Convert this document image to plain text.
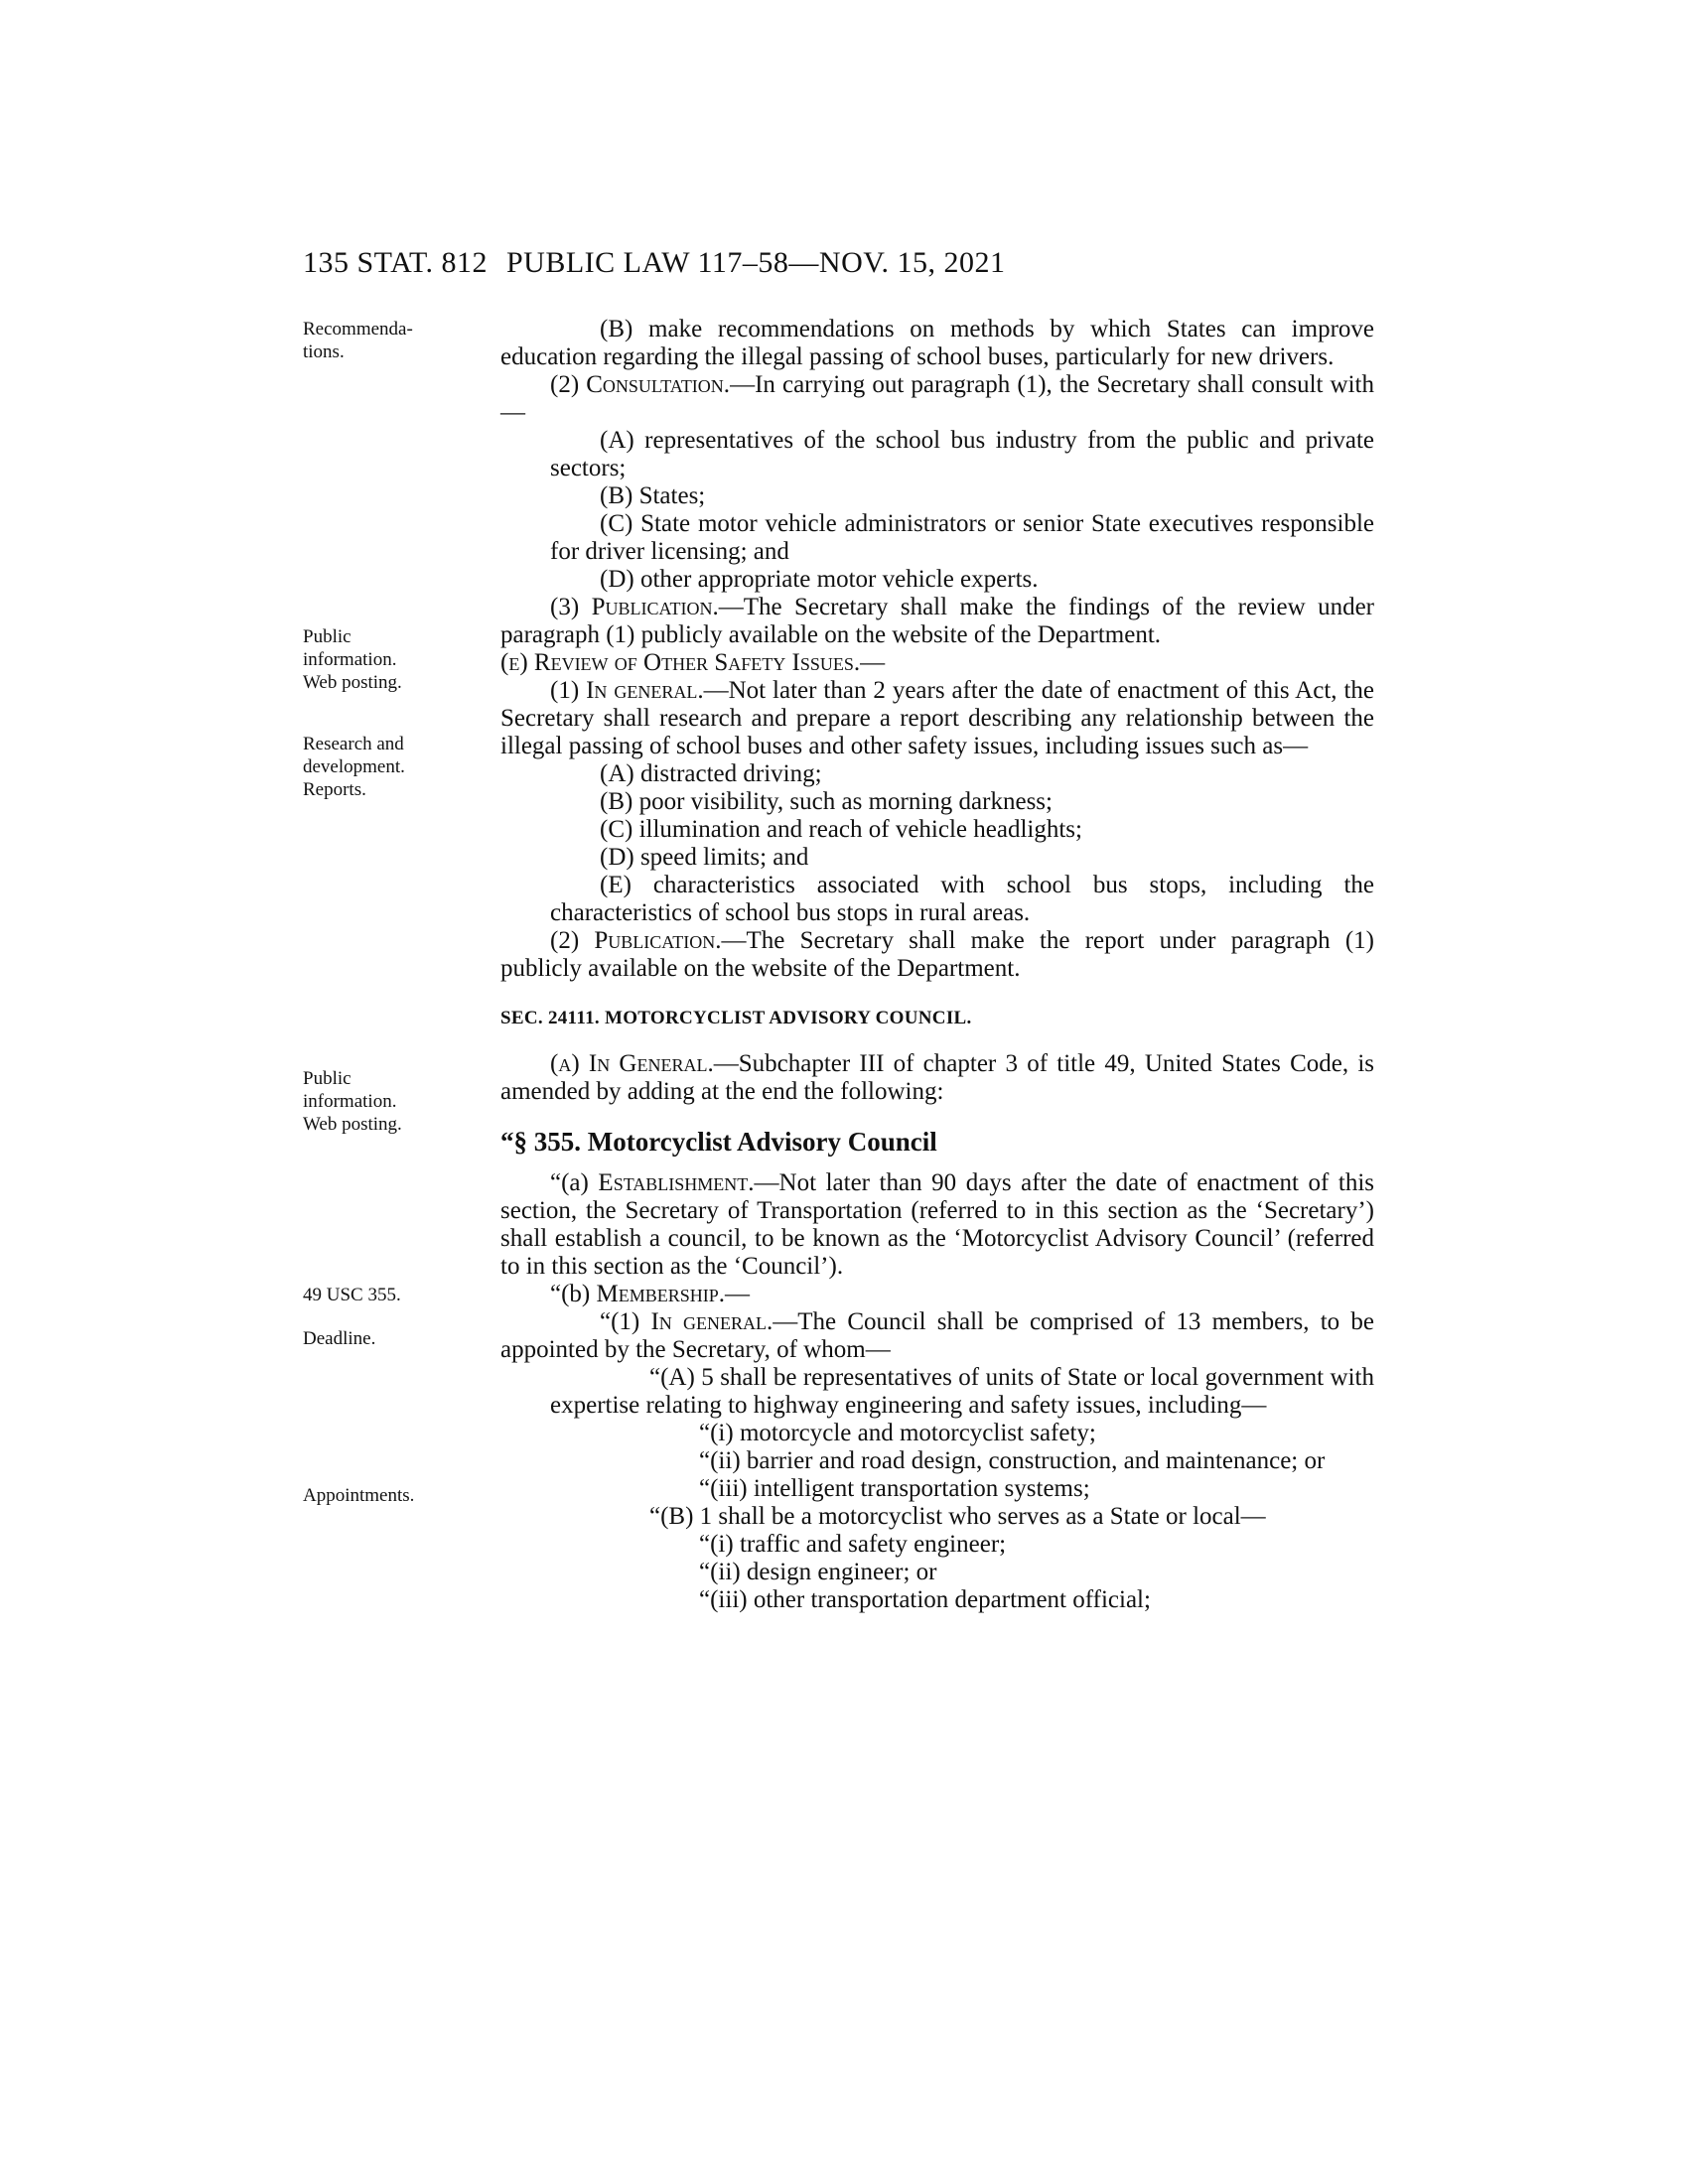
135 STAT. 812 PUBLIC LAW 117–58—NOV. 15, 2021
Recommenda-
tions.
Public
information.
Web posting.
Research and
development.
Reports.
Public
information.
Web posting.
49 USC 355.
Deadline.
Appointments.

(B) make recommendations on methods by which States can improve education regarding the illegal passing of school buses, particularly for new drivers.

(2) Consultation.—In carrying out paragraph (1), the Secretary shall consult with—

(A) representatives of the school bus industry from the public and private sectors;

(B) States;

(C) State motor vehicle administrators or senior State executives responsible for driver licensing; and

(D) other appropriate motor vehicle experts.

(3) Publication.—The Secretary shall make the findings of the review under paragraph (1) publicly available on the website of the Department.

(e) Review of Other Safety Issues.—

(1) In general.—Not later than 2 years after the date of enactment of this Act, the Secretary shall research and prepare a report describing any relationship between the illegal passing of school buses and other safety issues, including issues such as—

(A) distracted driving;

(B) poor visibility, such as morning darkness;

(C) illumination and reach of vehicle headlights;

(D) speed limits; and

(E) characteristics associated with school bus stops, including the characteristics of school bus stops in rural areas.

(2) Publication.—The Secretary shall make the report under paragraph (1) publicly available on the website of the Department.

SEC. 24111. MOTORCYCLIST ADVISORY COUNCIL.

(a) In General.—Subchapter III of chapter 3 of title 49, United States Code, is amended by adding at the end the following:

“§ 355. Motorcyclist Advisory Council

“(a) Establishment.—Not later than 90 days after the date of enactment of this section, the Secretary of Transportation (referred to in this section as the ‘Secretary’) shall establish a council, to be known as the ‘Motorcyclist Advisory Council’ (referred to in this section as the ‘Council’).

“(b) Membership.—

“(1) In general.—The Council shall be comprised of 13 members, to be appointed by the Secretary, of whom—

“(A) 5 shall be representatives of units of State or local government with expertise relating to highway engineering and safety issues, including—

“(i) motorcycle and motorcyclist safety;

“(ii) barrier and road design, construction, and maintenance; or

“(iii) intelligent transportation systems;

“(B) 1 shall be a motorcyclist who serves as a State or local—

“(i) traffic and safety engineer;

“(ii) design engineer; or

“(iii) other transportation department official;
